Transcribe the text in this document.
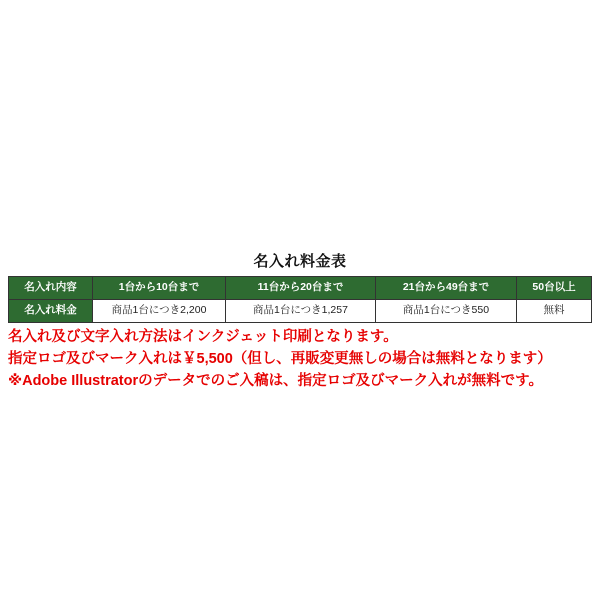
名入れ料金表
名入れ内容	1台から10台まで	11台から20台まで	21台から49台まで	50台以上
名入れ料金	商品1台につき2,200	商品1台につき1,257	商品1台につき550	無料

名入れ及び文字入れ方法はインクジェット印刷となります。

指定ロゴ及びマーク入れは￥5,500（但し、再販変更無しの場合は無料となります）

※Adobe Illustratorのデータでのご入稿は、指定ロゴ及びマーク入れが無料です。
